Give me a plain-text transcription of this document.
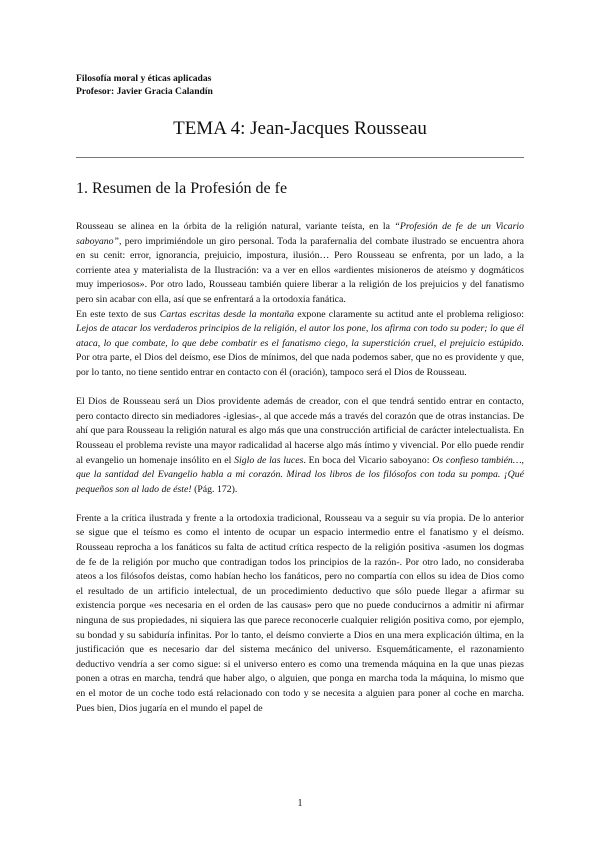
Filosofía moral y éticas aplicadas
Profesor: Javier Gracia Calandín
TEMA 4: Jean-Jacques Rousseau
1. Resumen de la Profesión de fe

Rousseau se alinea en la órbita de la religión natural, variante teísta, en la “Profesión de fe de un Vicario saboyano”, pero imprimiéndole un giro personal. Toda la parafernalia del combate ilustrado se encuentra ahora en su cenit: error, ignorancia, prejuicio, impostura, ilusión… Pero Rousseau se enfrenta, por un lado, a la corriente atea y materialista de la Ilustración: va a ver en ellos «ardientes misioneros de ateísmo y dogmáticos muy imperiosos». Por otro lado, Rousseau también quiere liberar a la religión de los prejuicios y del fanatismo pero sin acabar con ella, así que se enfrentará a la ortodoxia fanática.

En este texto de sus Cartas escritas desde la montaña expone claramente su actitud ante el problema religioso: Lejos de atacar los verdaderos principios de la religión, el autor los pone, los afirma con todo su poder; lo que él ataca, lo que combate, lo que debe combatir es el fanatismo ciego, la superstición cruel, el prejuicio estúpido. Por otra parte, el Dios del deísmo, ese Dios de mínimos, del que nada podemos saber, que no es providente y que, por lo tanto, no tiene sentido entrar en contacto con él (oración), tampoco será el Dios de Rousseau.

El Dios de Rousseau será un Dios providente además de creador, con el que tendrá sentido entrar en contacto, pero contacto directo sin mediadores -iglesias-, al que accede más a través del corazón que de otras instancias. De ahí que para Rousseau la religión natural es algo más que una construcción artificial de carácter intelectualista. En Rousseau el problema reviste una mayor radicalidad al hacerse algo más íntimo y vivencial. Por ello puede rendir al evangelio un homenaje insólito en el Siglo de las luces. En boca del Vicario saboyano: Os confieso también…, que la santidad del Evangelio habla a mi corazón. Mirad los libros de los filósofos con toda su pompa. ¡Qué pequeños son al lado de éste! (Pág. 172).

Frente a la crítica ilustrada y frente a la ortodoxia tradicional, Rousseau va a seguir su vía propia. De lo anterior se sigue que el teísmo es como el intento de ocupar un espacio intermedio entre el fanatismo y el deísmo. Rousseau reprocha a los fanáticos su falta de actitud crítica respecto de la religión positiva -asumen los dogmas de fe de la religión por mucho que contradigan todos los principios de la razón-. Por otro lado, no consideraba ateos a los filósofos deístas, como habían hecho los fanáticos, pero no compartía con ellos su idea de Dios como el resultado de un artificio intelectual, de un procedimiento deductivo que sólo puede llegar a afirmar su existencia porque «es necesaria en el orden de las causas» pero que no puede conducirnos a admitir ni afirmar ninguna de sus propiedades, ni siquiera las que parece reconocerle cualquier religión positiva como, por ejemplo, su bondad y su sabiduría infinitas. Por lo tanto, el deísmo convierte a Dios en una mera explicación última, en la justificación que es necesario dar del sistema mecánico del universo. Esquemáticamente, el razonamiento deductivo vendría a ser como sigue: si el universo entero es como una tremenda máquina en la que unas piezas ponen a otras en marcha, tendrá que haber algo, o alguien, que ponga en marcha toda la máquina, lo mismo que en el motor de un coche todo está relacionado con todo y se necesita a alguien para poner al coche en marcha. Pues bien, Dios jugaría en el mundo el papel de

1
